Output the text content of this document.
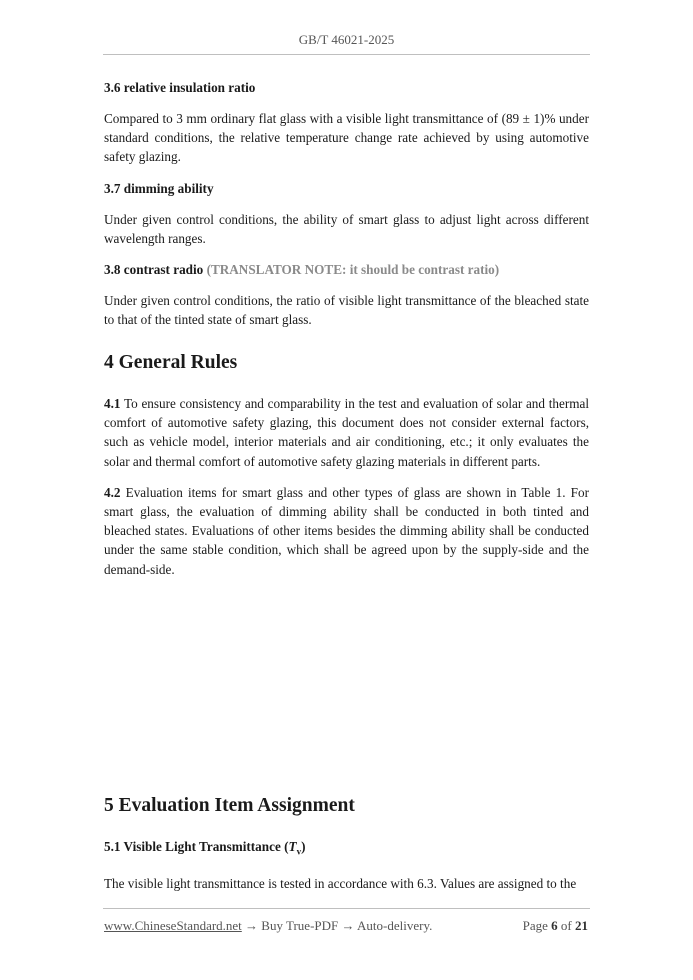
GB/T 46021-2025
3.6 relative insulation ratio

Compared to 3 mm ordinary flat glass with a visible light transmittance of (89 ± 1)% under standard conditions, the relative temperature change rate achieved by using automotive safety glazing.

3.7 dimming ability

Under given control conditions, the ability of smart glass to adjust light across different wavelength ranges.

3.8 contrast radio (TRANSLATOR NOTE: it should be contrast ratio)

Under given control conditions, the ratio of visible light transmittance of the bleached state to that of the tinted state of smart glass.

4 General Rules

4.1 To ensure consistency and comparability in the test and evaluation of solar and thermal comfort of automotive safety glazing, this document does not consider external factors, such as vehicle model, interior materials and air conditioning, etc.; it only evaluates the solar and thermal comfort of automotive safety glazing materials in different parts.

4.2 Evaluation items for smart glass and other types of glass are shown in Table 1. For smart glass, the evaluation of dimming ability shall be conducted in both tinted and bleached states. Evaluations of other items besides the dimming ability shall be conducted under the same stable condition, which shall be agreed upon by the supply-side and the demand-side.

5 Evaluation Item Assignment
5.1 Visible Light Transmittance $(T_v)$

The visible light transmittance is tested in accordance with 6.3. Values are assigned to the

www.ChineseStandard.net → Buy True-PDF → Auto-delivery.	Page 6 of 21
